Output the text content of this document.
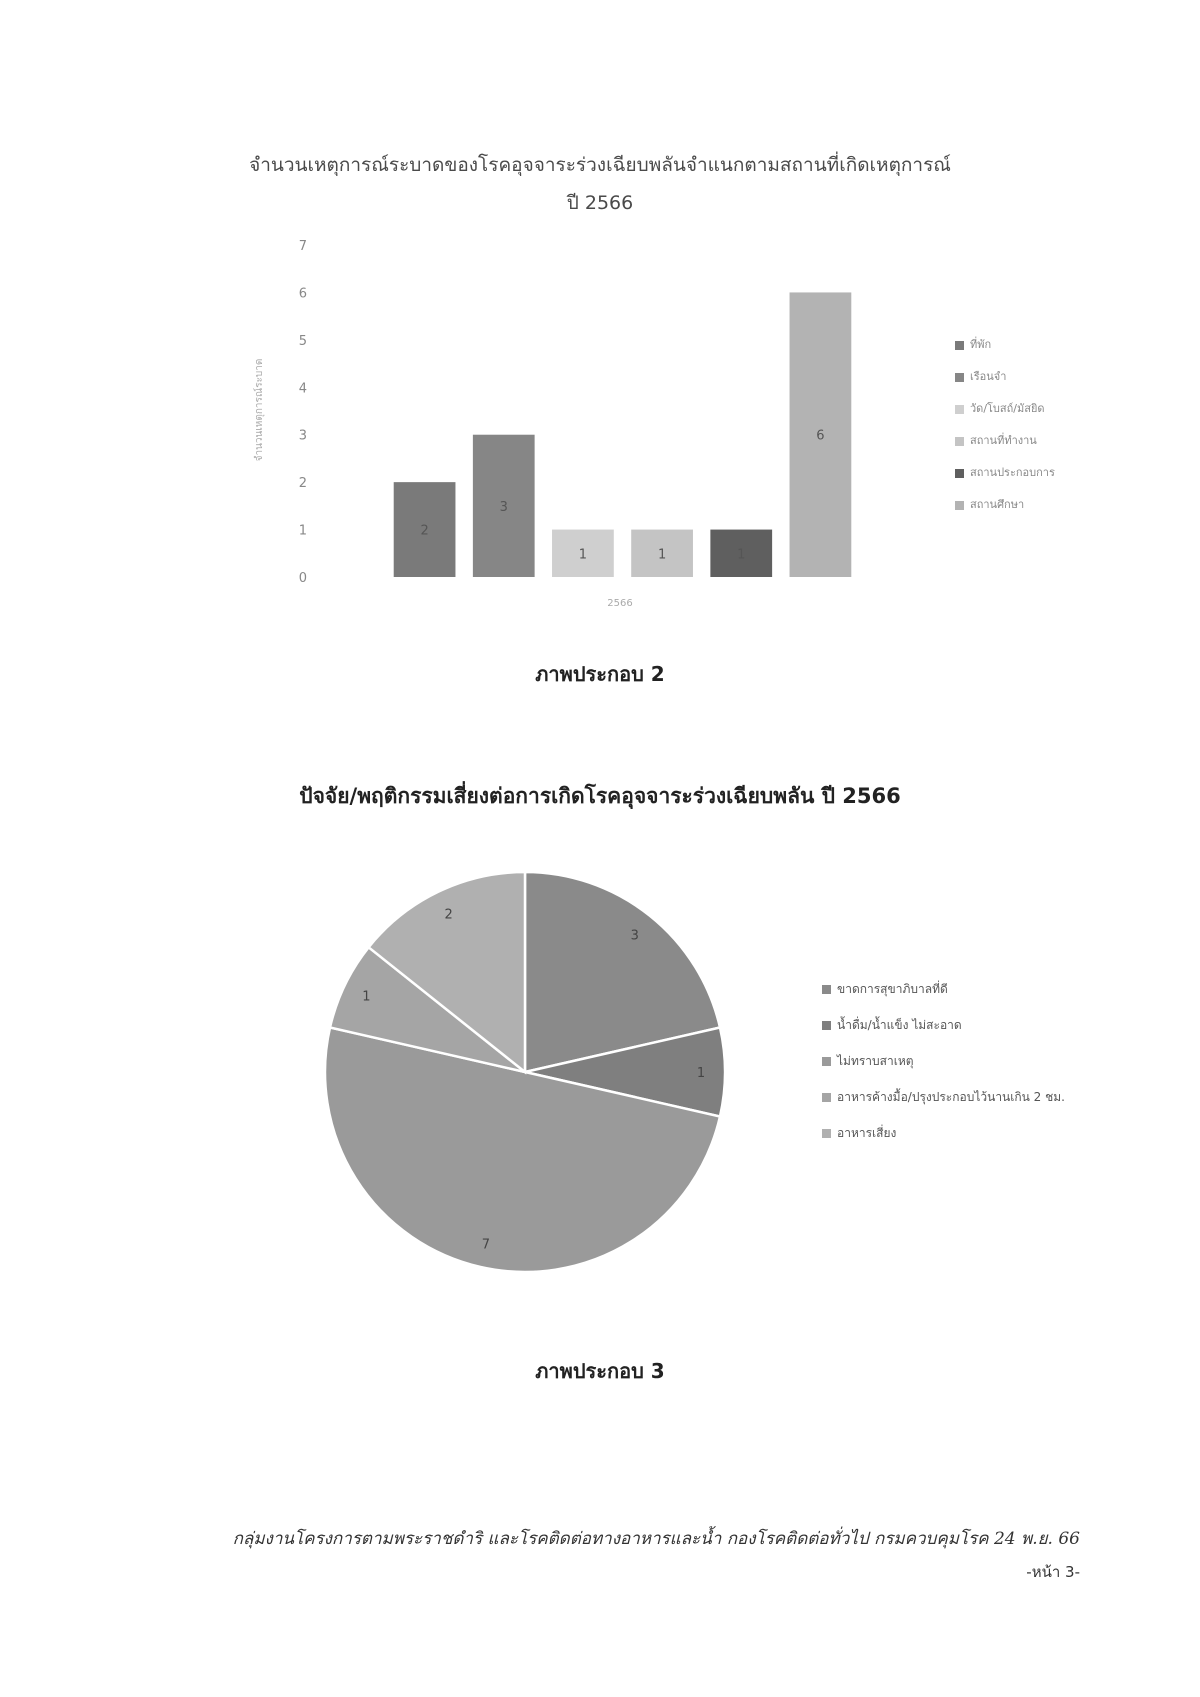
จำนวนเหตุการณ์ระบาดของโรคอุจจาระร่วงเฉียบพลันจำแนกตามสถานที่เกิดเหตุการณ์
ปี 2566
0
1
2
3
4
5
6
7
2
3
1	1	1
6
2566
จำนวนเหตุการณ์ระบาด
ที่พัก
เรือนจำ
วัด/โบสถ์/มัสยิด
สถานที่ทำงาน
สถานประกอบการ
สถานศึกษา
ภาพประกอบ 2
ปัจจัย/พฤติกรรมเสี่ยงต่อการเกิดโรคอุจจาระร่วงเฉียบพลัน ปี 2566
3
1
7
1
2
ขาดการสุขาภิบาลที่ดี
น้ำดื่ม/น้ำแข็ง ไม่สะอาด
ไม่ทราบสาเหตุ
อาหารค้างมื้อ/ปรุงประกอบไว้นานเกิน 2 ชม.
อาหารเสี่ยง
ภาพประกอบ 3
กลุ่มงานโครงการตามพระราชดำริ และโรคติดต่อทางอาหารและน้ำ กองโรคติดต่อทั่วไป กรมควบคุมโรค 24 พ.ย. 66
-หน้า 3-
